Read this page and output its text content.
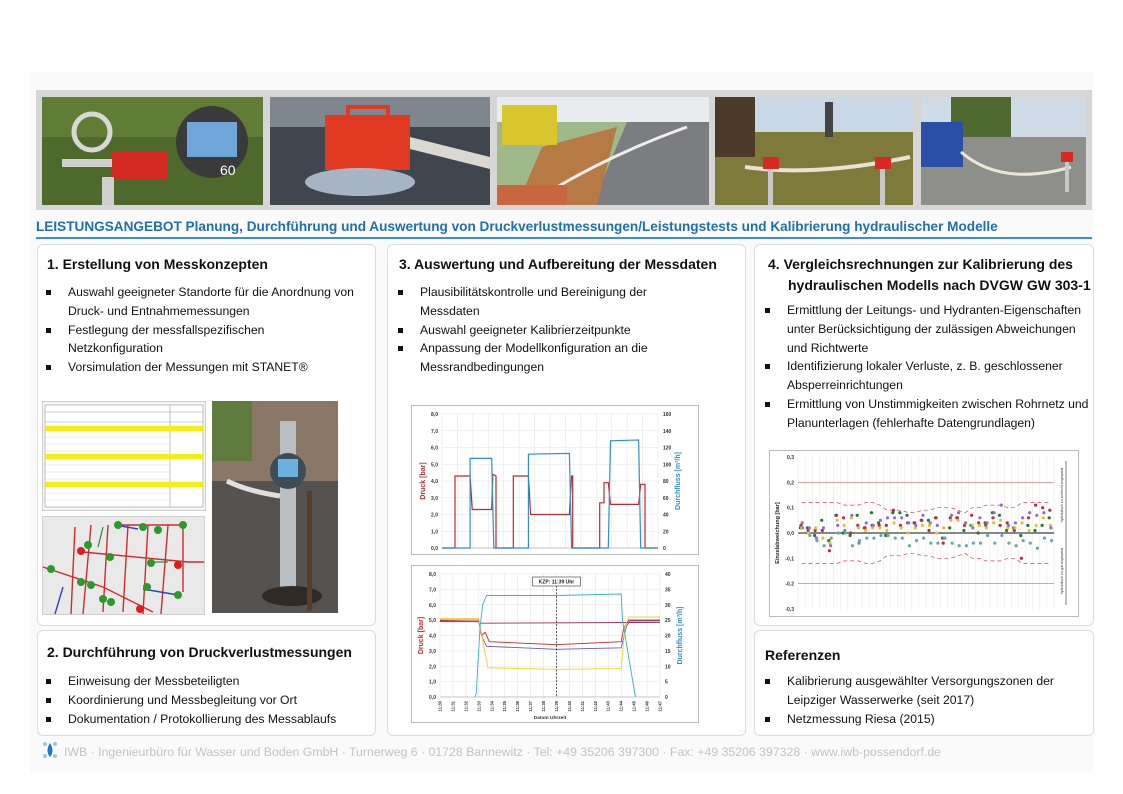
60
LEISTUNGSANGEBOT Planung, Durchführung und Auswertung von Druckverlustmessungen/Leistungstests und Kalibrierung hydraulischer Modelle
1. Erstellung von Messkonzepten
Auswahl geeigneter Standorte für die Anordnung von Druck- und Entnahmemessungen
Festlegung der messfallspezifischen Netzkonfiguration
Vorsimulation der Messungen mit STANET®
2. Durchführung von Druckverlustmessungen
Einweisung der Messbeteiligten
Koordinierung und Messbegleitung vor Ort
Dokumentation / Protokollierung des Messablaufs
3. Auswertung und Aufbereitung der Messdaten
Plausibilitätskontrolle und Bereinigung der Messdaten
Auswahl geeigneter Kalibrierzeitpunkte
Anpassung der Modellkonfiguration an die Messrandbedingungen
0,0
1,0
2,0
3,0
4,0
5,0
6,0
7,0
8,0
0
20
40
60
80
100
120
140
160
Druck [bar]	Durchfluss [m³/h]
0,0
1,0
2,0
3,0
4,0
5,0
6,0
7,0
8,0
0
5
10
15
20
25
30
35
40
Druck [bar]	Durchfluss [m³/h]
11:30 11:31 11:32 11:33 11:34 11:35 11:36 11:37 11:38 11:39 11:40 11:41 11:42 11:43 11:44 11:45 11:46 11:47
Datum Uhrzeit
KZP: 11:39 Uhr
4. Vergleichsrechnungen zur Kalibrierung des hydraulischen Modells nach DVGW GW 303-1
Ermittlung der Leitungs- und Hydranten-Eigenschaften unter Berücksichtigung der zulässigen Abweichungen und Richtwerte
Identifizierung lokaler Verluste, z. B. geschlossener Absperreinrichtungen
Ermittlung von Unstimmigkeiten zwischen Rohrnetz und Planunterlagen (fehlerhafte Datengrundlagen)
-0,3
-0,2
-0,1
0,0
0,1
0,2
0,3
Einzelabweichung [bar]
hydraulisch zu schlecht angepasst
hydraulisch zu gut angepasst
Referenzen
Kalibrierung ausgewählter Versorgungszonen der Leipziger Wasserwerke (seit 2017)
Netzmessung Riesa (2015)
IWB · Ingenieurbüro für Wasser und Boden GmbH · Turnerweg 6 · 01728 Bannewitz · Tel: +49 35206 397300 · Fax: +49 35206 397328 · www.iwb-possendorf.de
